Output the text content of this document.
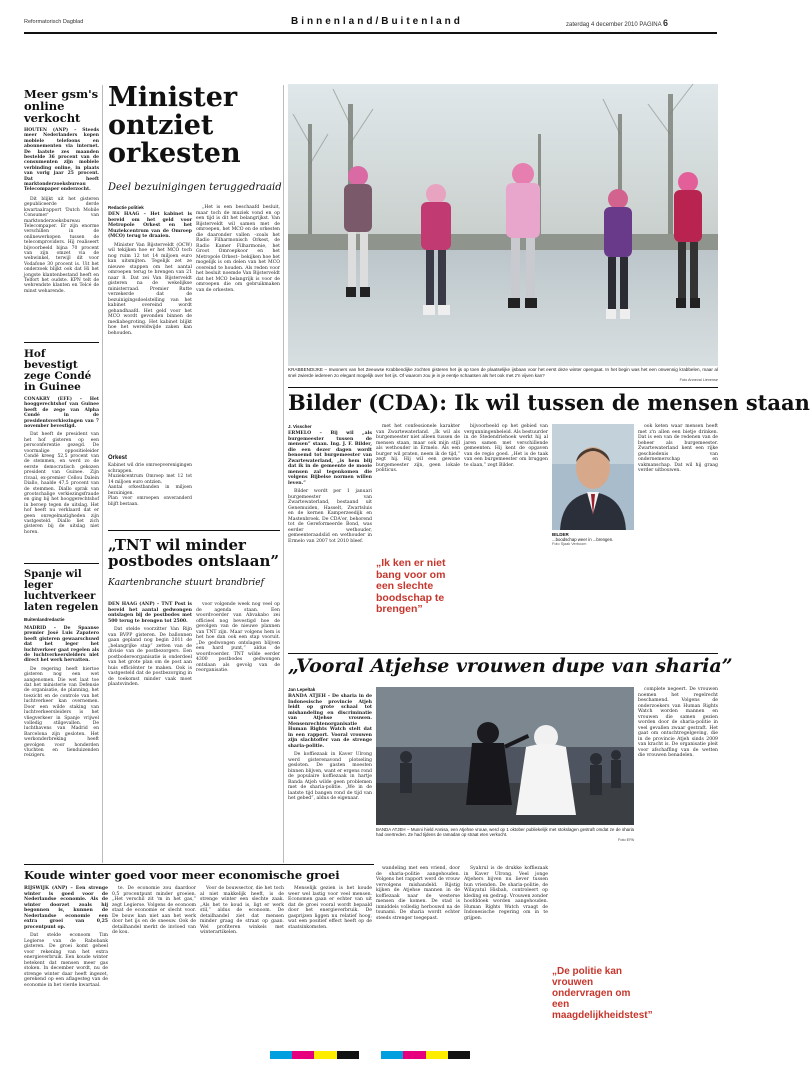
Reformatorisch Dagblad	Binnenland/Buitenland	zaterdag 4 december 2010 PAGINA 6
Meer gsm's online verkocht
HOUTEN (ANP) – Steeds meer Nederlanders kopen mobiele telefoons en abonnementen via internet. De laatste zes maanden bestelde 36 procent van de consumenten zijn mobiele verbinding online, in plaats van vorig jaar 25 procent. Dat heeft marktonderzoeksbureau Telecompaper onderzocht.
Dit blijkt uit het gisteren gepubliceerde derde kwartaalrapport 'Dutch Mobile Consumer' van marktonderzoeksbureau Telecompaper. Er zijn enorme verschillen in de onlinewerkopen tussen de telecomproviders. Hij realiseert bijvoorbeeld bijna 70 procent van zijn omzet via de webwinkel, terwijl dit voor Vodafone 30 procent is. Uit het onderzoek blijkt ook dat Hi het jongste klantenbestand heeft en Telfort het oudste. KPN telt de wehrendste klanten en Telcé de minst weharende.
Hof bevestigt zege Condé in Guinee
CONAKRY (EFE) – Het hooggerechtshof van Guinee heeft de zege van Alpha Condé in de presidentsverkiezingen van 7 november bevestigd.
Dat heeft de president van het hof gisteren op een persconferentie gezegd. De voormalige oppositieleider Condé kreeg 52,5 procent van de stemmen, en werd zo de eerste democratisch gekozen president van Guinee. Zijn rivaal, ex-premier Cellou Dalein Diallo, haalde 47,5 procent van de stemmen. Diallo sprak van grootschalige verkiezingsfraude en ging bij het hooggerechtshof in beroep tegen de uitslag. Het hof heeft nu verklaard dat er geen onregelmatigheden zijn vastgesteld. Diallo liet zich gisteren bij de uitslag niet horen.
Spanje wil leger luchtverkeer laten regelen
Buitenlandredactie
MADRID – De Spaanse premier José Luis Zapatero heeft gisteren gewaarschuwd dat het leger het luchtverkeer gaat regelen als de luchtverkeersleiders niet direct het werk hervatten.
De regering heeft hiertoe gisteren nog een wet aangenomen. Die wet laat toe dat het ministerie van Defensie de organisatie, de planning, het toezicht en de controle van het luchtverkeer kan overnemen. Door een wilde staking van luchtverkeersleiders is het vliegverkeer in Spanje vrijwel volledig stilgevallen. De luchthavens van Madrid en Barcelona zijn gesloten. Het werkonderbreking heeft gevolgen voor honderden vluchten en tienduizenden reizigers.
Minister ontziet orkesten
Deel bezuinigingen teruggedraaid
Redactie politiek
DEN HAAG – Het kabinet is bereid om het geld voor Metropole Orkest en het Muziekcentrum van de Omroep (MCO) terug te draaien.
Minister Van Bijsterveldt (OCW) wil tekijken hoe er het MCO toch nog ruim 12 tot 14 miljoen euro kan uitsmijten. Tegelijk zet ze nieuwe stappen om het aantal omroepen terug te brengen van 21 naar 8. Dat zei Van Bijsterveldt gisteren na de wekelijkse ministerraad. Premier Rutte verzekerde dat de bezuinigingsdoelstelling van het kabinet overeind wordt gehandhaafd. Het geld voor het MCO wordt gevonden binnen de mediabegroting. Het kabinet blijkt hoe het wereldwijde zaken kan behouden.
„Het is een beschaafd besluit, maar toch de muziek vond en op een tijd is dit het belangrijkst. Van Bijsterveldt wil samen met de omroepen, het MCO en de orkesten die daaronder vallen –zoals het Radio Filharmonisch Orkest, de Radio Kamer Filharmonie, het Groot Omroepkoor en het Metropole Orkest– bekijken hoe het mogelijk is om delen van het MCO overeind te houden. Als reden voor het besluit noemde Van Bijsterveldt dat het MCO belangrijk is voor de omroepen die om gebruikmaken van de orkesten.
Orkest
Kabinet wil drie omroepverenigingen schrappen.
Muziekcentrum Omroep met 12 tot 14 miljoen euro ontzien.
Aantal orkestbanden in miljoen bezuinigen.
Plan voor omroepen onveranderd blijft bestaan.
„TNT wil minder postbodes ontslaan”
Kaartenbranche stuurt brandbrief
DEN HAAG (ANP) – TNT Post is bereid het aantal gedwongen ontslagen bij de postbodes met 500 terug te brengen tot 2500.
Dat stelde voorzitter Van Rijn van BVPP gisteren. De ballonnen gaan gepland nog begin 2011 de „belangrijke stap” zetten van de divisie van de postbezorgers. Een postbodereorganisatie is onderdeel van het grote plan om de post aan huis efficiënter te maken. Ook is vastgesteld dat de postbezorging in de toekomst minder vaak moet plaatsvinden.
voor volgende week nog veel op de agenda staan. Een woordvoerder van Abvakabo zei officieel nog bevestigd hoe de gevolgen van de nieuwe plannen van TNT zijn. Maar volgens hem is het hoe dan ook een stap vooruit. „De gedwongen ontslagen blijven een hard punt,” aldus de woordvoerder. TNT wilde eerder 4300 postbodes gedwongen ontslaan als gevolg van de reorganisatie.
KRABBENDIJKE – Inwoners van het Zeeuwse Krabbendijke zochten gisteren het ijs op toen de plaatselijke ijsbaan voor het eerst deze winter opengaat. In het begin was het een onwennig krabbelen, maar al snel zwierde iedereen zo elegant mogelijk over het ijs. Of waarom zou je in je eentje schaatsen als het ook met z'n vijven kan?
Foto Anneval Lievense
Bilder (CDA): Ik wil tussen de mensen staan
J. Visscher
ERMELO – Bij wil „als burgemeester tussen de mensen” staan. Ing. J. F. Bilder, die een dezer dagen wordt benoemd tot burgemeester van Zwartewaterland, „is hem blij dat ik in de gemeente de mooie mensen zal tegenkomen die volgens Bijbelse normen willen leven.”
Bilder wordt per 1 januari burgemeester van Zwartewaterland, bestaand uit Genemuiden, Hasselt, Zwartsluis en de kernen Kamperzeedijk en Mastenbroek. De CDA'er, behorend tot de Gereformeerde Bond, was eerder wethouder, gemeenteraadslid en wethouder in Ermelo van 2007 tot 2010 bleef.
met het confessionele karakter van Zwartewaterland. „Ik wil als burgemeester niet alleen tussen de mensen staan, maar ook mijn stijl als wethouder in Ermelo. Als een burger wil praten, neem ik de tijd,” zegt hij. Hij wil een gewone burgemeester zijn, geen lokale politicus.
„Ik ken er niet bang voor om een slechte boodschap te brengen”
bijvoorbeeld op het gebied van vergunningenbeleid. Als bestuurder in de Stedendriehoek werkt hij al jaren samen met verschillende gemeenten. Hij kent de opgaven van de regio goed. „Het is de taak van een burgemeester om bruggen te slaan,” zegt Bilder.
BILDER
...boodschap weer in ...brengen.
Foto Sjaak Verboom
ook keten waar mensen heeft met z'n allen een bietje drinken. Dat is een van de redenen van de beheer als burgemeester. Zwartewaterland kent een rijke geschiedenis van ondernemerschap en vakmanschap. Dat wil hij graag verder uitbouwen.
„Vooral Atjehse vrouwen dupe van sharia”
Jan Lepeltak
BANDA ATJEH – De sharia in de Indonesische provincie Atjeh leidt op grote schaal tot mishandeling en discriminatie van Atjehse vrouwen. Mensenrechtenorganisatie Human Rights Watch stelt dat in een rapport. Vooral vrouwen zijn slachtoffer van de strenge sharia-politie.
De koffiezaak in Kaver Ulrong werd gisterenavond plotseling gesloten. De gasten moesten binnen blijven, want er ergens rond de populaire koffiezaak in hartje Banda Atjeh wilde geen problemen met de sharia-politie. „We in de laatste tijd bangen rond de tijd van het gebed”, aldus de eigenaar.
BANDA ATJEH – Munni hield Annisa, een Atjehse vrouw, werd op 1 oktober publiekelijk met stokslagen gestraft omdat ze de sharia had overtreden. Ze had tijdens de ramadan op straat eten verkocht.
Foto EPA
complete negeert. De vrouwen noemen het regelrecht beschamend. Volgens de onderzoekers van Human Rights Watch worden mannen en vrouwen die samen gezien worden door de sharia-politie in veel gevallen zwaar gestraft. Het gaat om ontuchtregelgeving, die in de provincie Atjeh sinds 2009 van kracht is. De organisatie pleit voor afschaffing van de wetten die vrouwen benadelen.
Koude winter goed voor meer economische groei
RIJSWIJK (ANP) – Een strenge winter is goed voor de Nederlandse economie. Als de winter doorzet zoals hij begonnen is, kunnen de Nederlandse economie een extra groei van 0,25 procentpunt op.
Dat stelde econoom Tim Legierse van de Rabobank gisteren. De groei komt geheel voor rekening van het extra energieverbruik. Een koude winter betekent dat mensen meer gas stoken. In december wordt, nu de strenge winter daar heeft ingezet, gerekend op een aflagesteg van de economie in het vierde kwartaal.
te. De economie zou daardoor 0,5 procentpunt minder groeien. „Het verschil zit 'm in het gas,” zegt Legierse. Volgens de econoom staat de economie er slecht voor. De bouw kan niet aan het werk door het ijs en de sneeuw. Ook de detailhandel merkt de invloed van de kou.
Voor de bouwsector, die het toch al niet makkelijk heeft, is de strenge winter een slechte zaak. „Als het te koud is, ligt er werk stil,” aldus de econoom. De detailhandel ziet dat mensen minder graag de straat op gaan. Wel profiteren winkels met winterartikelen.
Menselijk gezien is het koude weer wel lastig voor veel mensen. Economen gaan er echter van uit dat de groei vooral wordt bepaald door het energieverbruik. De gasprijzen liggen nu relatief hoog, wat een positief effect heeft op de staatsinkomsten.
wandeling met een vriend, door de sharia-politie aangehouden. Volgens het rapport werd de vrouw vervolgens mishandeld. Rijstig kijken de Atjehse mannen in de koffiezaak naar de westerse mensen die komen. De stad is inmiddels volledig herbouwd na de tsunami. De sharia wordt echter steeds strenger toegepast.
Syahrul is de drukke koffiezaak in Kaver Ulrong. Veel jonge Atjehers bijven nu liever tussen hun vrienden. De sharia-politie, de Wilayatul Hisbah, controleert op kleding en gedrag. Vrouwen zonder hoofddoek worden aangehouden. Human Rights Watch vraagt de Indonesische regering om in te grijpen.
„De politie kan vrouwen ondervragen om een maagdelijkheidstest”
